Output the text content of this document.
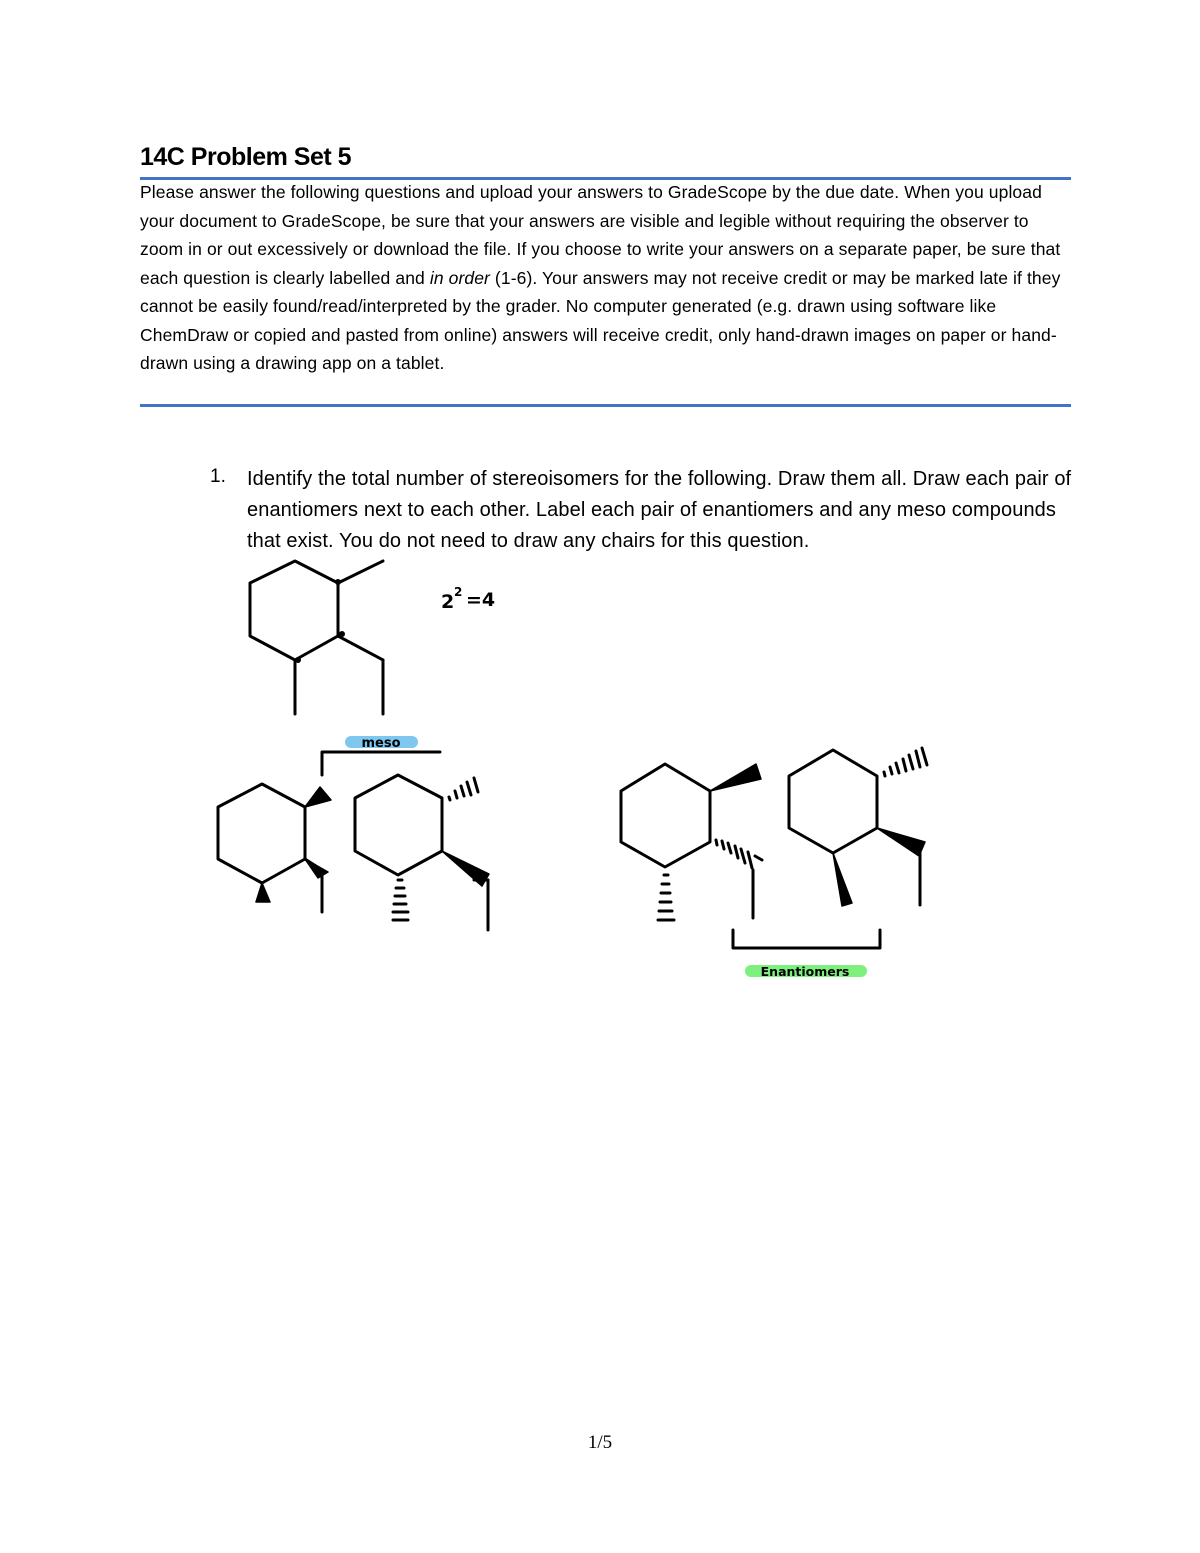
14C Problem Set 5
Please answer the following questions and upload your answers to GradeScope by the due date. When you upload your document to GradeScope, be sure that your answers are visible and legible without requiring the observer to zoom in or out excessively or download the file. If you choose to write your answers on a separate paper, be sure that each question is clearly labelled and in order (1-6). Your answers may not receive credit or may be marked late if they cannot be easily found/read/interpreted by the grader. No computer generated (e.g. drawn using software like ChemDraw or copied and pasted from online) answers will receive credit, only hand-drawn images on paper or hand-drawn using a drawing app on a tablet.
1. Identify the total number of stereoisomers for the following. Draw them all. Draw each pair of enantiomers next to each other. Label each pair of enantiomers and any meso compounds that exist. You do not need to draw any chairs for this question.
meso
Enantiomers
2 2 =4
1/5
